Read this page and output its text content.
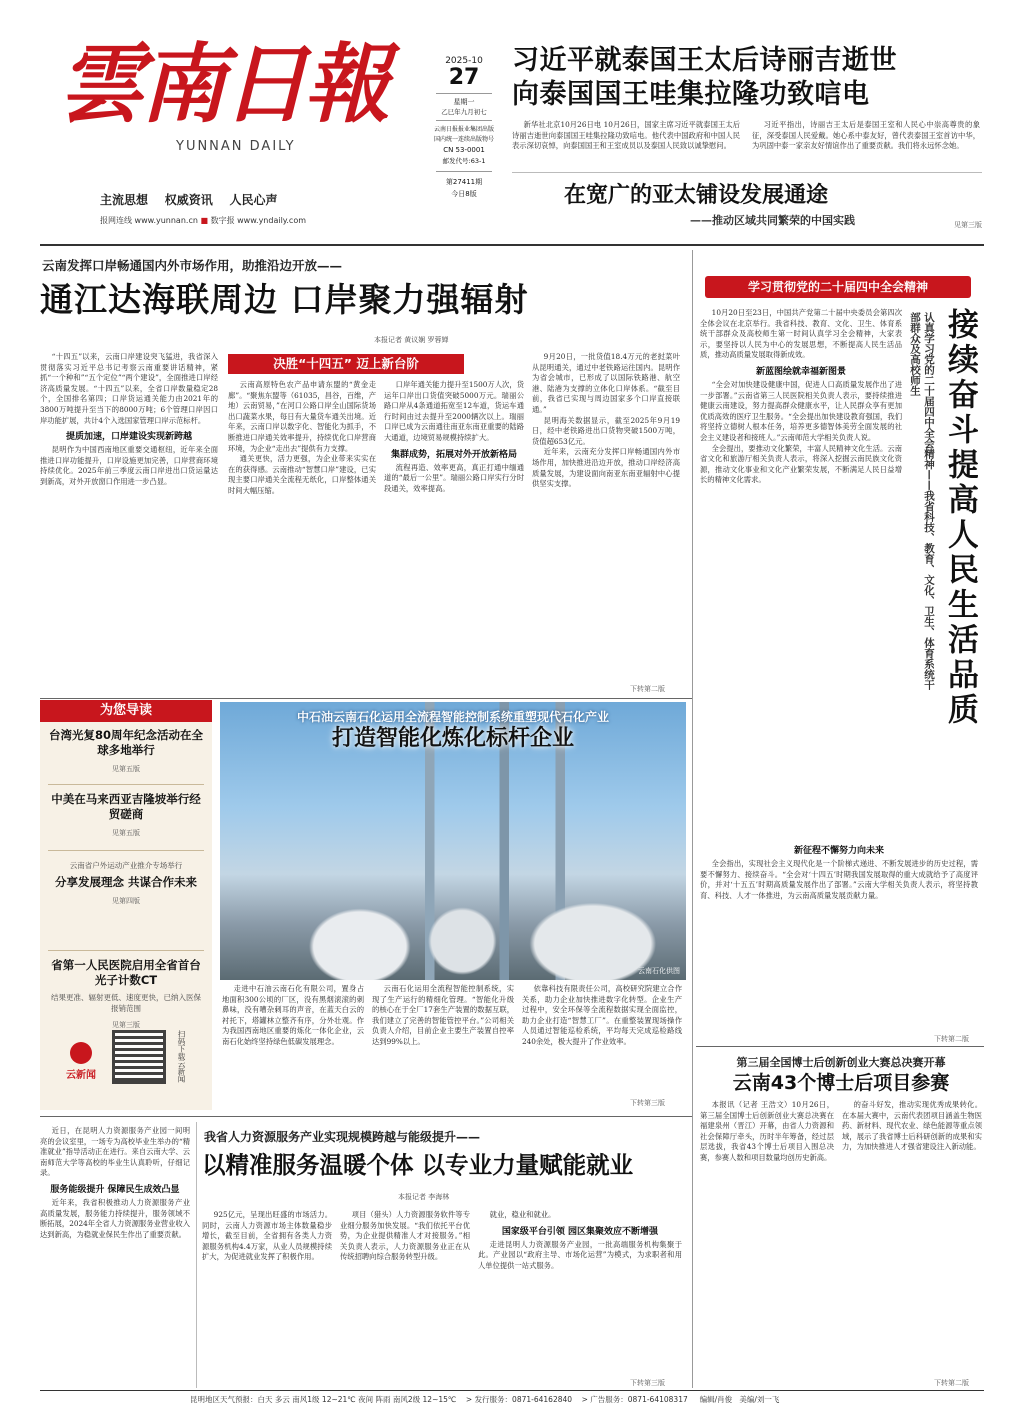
雲南日報
YUNNAN DAILY
主流思想 权威资讯 人民心声
报网连线 www.yunnan.cn ■ 数字报 www.yndaily.com
2025-10
27
星期一
乙巳年九月初七
云南日报报业集团出版
国内统一连续出版物号
CN 53-0001
邮发代号:63-1
第27411期
今日8版
习近平就泰国王太后诗丽吉逝世
向泰国国王哇集拉隆功致唁电
新华社北京10月26日电 10月26日，国家主席习近平就泰国王太后诗丽吉逝世向泰国国王哇集拉隆功致唁电。他代表中国政府和中国人民表示深切哀悼，向泰国国王和王室成员以及泰国人民致以诚挚慰问。
习近平指出，诗丽吉王太后是泰国王室和人民心中崇高尊贵的象征，深受泰国人民爱戴。她心系中泰友好，曾代表泰国王室首访中华，为巩固中泰一家亲友好情谊作出了重要贡献。我们将永远怀念她。
在宽广的亚太铺设发展通途
——推动区域共同繁荣的中国实践	见第三版
云南发挥口岸畅通国内外市场作用，助推沿边开放——
通江达海联周边 口岸聚力强辐射
本报记者 黄议娴 罗蓉婵

“十四五”以来，云南口岸建设突飞猛进，我省深入贯彻落实习近平总书记考察云南重要讲话精神，紧抓“一个种和”“五个定位”“两个建设”，全面推进口岸经济高质量发展。“十四五”以来，全省口岸数量稳定28个，全国排名第四；口岸货运通关能力由2021年的3800万吨提升至当下的8000万吨；6个管理口岸因口岸功能扩展，共计4个入选国家管理口岸示范标杆。

提质加速，口岸建设实现新跨越

昆明作为中国西南地区重要交通枢纽，近年来全面推进口岸功能提升，口岸设施更加完善，口岸营商环境持续优化。2025年前三季度云南口岸进出口货运量达到新高，对外开放窗口作用进一步凸显。

决胜“十四五” 迈上新台阶

云南高原特色农产品申请东盟的“黄金走廊”。“聚焦东盟等（61035，昌谷，百维，产地）云南贸易，”在河口公路口岸全山国际货场出口蔬菜水果，每日有大量货车通关出境。近年来，云南口岸以数字化、智能化为抓手，不断推进口岸通关效率提升，持续优化口岸营商环境，为企业“走出去”提供有力支撑。

通关更快，活力更强，为企业带来实实在在的获得感。云南推动“智慧口岸”建设，已实现主要口岸通关全流程无纸化，口岸整体通关时间大幅压缩。

口岸年通关能力提升至1500万人次，货运年口岸出口货值突破5000万元。瑞丽公路口岸从4条通道拓宽至12车道，货运车通行时间由过去提升至2000辆次以上。瑞丽口岸已成为云南通往南亚东南亚重要的陆路大通道，边境贸易规模持续扩大。

集群成势，拓展对外开放新格局

流程再造、效率更高，真正打通中缅通道的“最后一公里”。瑞丽公路口岸实行分时段通关，效率提高。

9月20日，一批货值18.4万元的老挝菜叶从昆明通关，通过中老铁路运往国内。昆明作为省会城市，已形成了以国际铁路港、航空港、陆港为支撑的立体化口岸体系。“截至目前，我省已实现与周边国家多个口岸直接联通。”

昆明海关数据显示，截至2025年9月19日，经中老铁路进出口货物突破1500万吨，货值超653亿元。

近年来，云南充分发挥口岸畅通国内外市场作用，加快推进沿边开放，推动口岸经济高质量发展，为建设面向南亚东南亚辐射中心提供坚实支撑。

下转第二版
学习贯彻党的二十届四中全会精神
接续奋斗提高人民生活品质
认真学习党的二十届四中全会精神——我省科技、教育、文化、卫生、体育系统干部群众及高校师生

10月20日至23日，中国共产党第二十届中央委员会第四次全体会议在北京举行。我省科技、教育、文化、卫生、体育系统干部群众及高校师生第一时间认真学习全会精神，大家表示，要坚持以人民为中心的发展思想，不断提高人民生活品质，推动高质量发展取得新成效。

新蓝图绘就幸福新图景

“全会对加快建设健康中国，促进人口高质量发展作出了进一步部署。”云南省第三人民医院相关负责人表示，要持续推进健康云南建设，努力提高群众健康水平，让人民群众享有更加优质高效的医疗卫生服务。“全会提出加快建设教育强国，我们将坚持立德树人根本任务，培养更多德智体美劳全面发展的社会主义建设者和接班人。”云南师范大学相关负责人说。

全会提出，要推动文化繁荣，丰富人民精神文化生活。云南省文化和旅游厅相关负责人表示，将深入挖掘云南民族文化资源，推动文化事业和文化产业繁荣发展，不断满足人民日益增长的精神文化需求。

新征程不懈努力向未来

全会指出，实现社会主义现代化是一个阶梯式递进、不断发展进步的历史过程，需要不懈努力、接续奋斗。“全会对‘十四五’时期我国发展取得的重大成就给予了高度评价，并对‘十五五’时期高质量发展作出了部署。”云南大学相关负责人表示，将坚持教育、科技、人才一体推进，为云南高质量发展贡献力量。

下转第二版
为您导读
台湾光复80周年纪念活动在全球多地举行
见第五版
中美在马来西亚吉隆坡举行经贸磋商
见第五版
云南省户外运动产业推介专场举行
分享发展理念 共谋合作未来
见第四版
省第一人民医院启用全省首台光子计数CT
结果更准、辐射更低、速度更快，已纳入医保报销范围
见第三版
云新闻	扫码下载云新闻
中石油云南石化运用全流程智能控制系统重塑现代石化产业
打造智能化炼化标杆企业
云南石化供图

走进中石油云南石化有限公司，置身占地面积300公顷的厂区，没有黑烟滚滚的刺鼻味，没有嘈杂刺耳的声音，在蓝天白云的衬托下，塔罐林立整齐有序，分外壮观。作为我国西南地区重要的炼化一体化企业，云南石化始终坚持绿色低碳发展理念。

云南石化运用全流程智能控制系统，实现了生产运行的精细化管理。“智能化升级的核心在于全厂17套生产装置的数据互联，我们建立了完善的智能管控平台。”公司相关负责人介绍，目前企业主要生产装置自控率达到99%以上。

依靠科技有限责任公司，高校研究院建立合作关系，助力企业加快推进数字化转型。企业生产过程中，安全环保等全流程数据实现全面监控，助力企业打造“智慧工厂”。在重整装置现场操作人员通过智能巡检系统，平均每天完成巡检路线240余处，极大提升了作业效率。

下转第三版

近日，在昆明人力资源服务产业园一间明亮的会议室里，一场专为高校毕业生举办的“精准就业”指导活动正在进行。来自云南大学、云南师范大学等高校的毕业生认真聆听，仔细记录。

服务能级提升 保障民生成效凸显

近年来，我省积极推动人力资源服务产业高质量发展，服务能力持续提升，服务领域不断拓展，2024年全省人力资源服务业营业收入达到新高，为稳就业保民生作出了重要贡献。

我省人力资源服务产业实现规模跨越与能级提升——
以精准服务温暖个体 以专业力量赋能就业
本报记者 李海林

925亿元，呈现出旺盛的市场活力。同时，云南人力资源市场主体数量稳步增长，截至目前，全省拥有各类人力资源服务机构4.4万家，从业人员规模持续扩大，为促进就业发挥了积极作用。

项目（猎头）人力资源服务软件等专业细分服务加快发展。“我们依托平台优势，为企业提供精准人才对接服务。”相关负责人表示，人力资源服务业正在从传统招聘向综合服务转型升级。

就业，稳业和就业。

国家级平台引领 园区集聚效应不断增强

走进昆明人力资源服务产业园，一批高端服务机构集聚于此。产业园以“政府主导、市场化运营”为模式，为求职者和用人单位提供一站式服务。

下转第三版
第三届全国博士后创新创业大赛总决赛开幕
云南43个博士后项目参赛

本报讯（记者 王浩文）10月26日，第三届全国博士后创新创业大赛总决赛在福建泉州（晋江）开幕，由省人力资源和社会保障厅牵头，历时半年筹备，经过层层选拔，我省43个博士后项目入围总决赛，参赛人数和项目数量均创历史新高。

的奋斗好发，推动实现优秀成果转化。在本届大赛中，云南代表团项目涵盖生物医药、新材料、现代农业、绿色能源等重点领域，展示了我省博士后科研创新的成果和实力，为加快推进人才强省建设注入新动能。

下转第二版
昆明地区天气预报：白天 多云 南风1级 12~21℃ 夜间 阵雨 南风2级 12~15℃ > 发行服务：0871-64162840 > 广告服务：0871-64108317 编辑/肖俊 美编/刘一飞
